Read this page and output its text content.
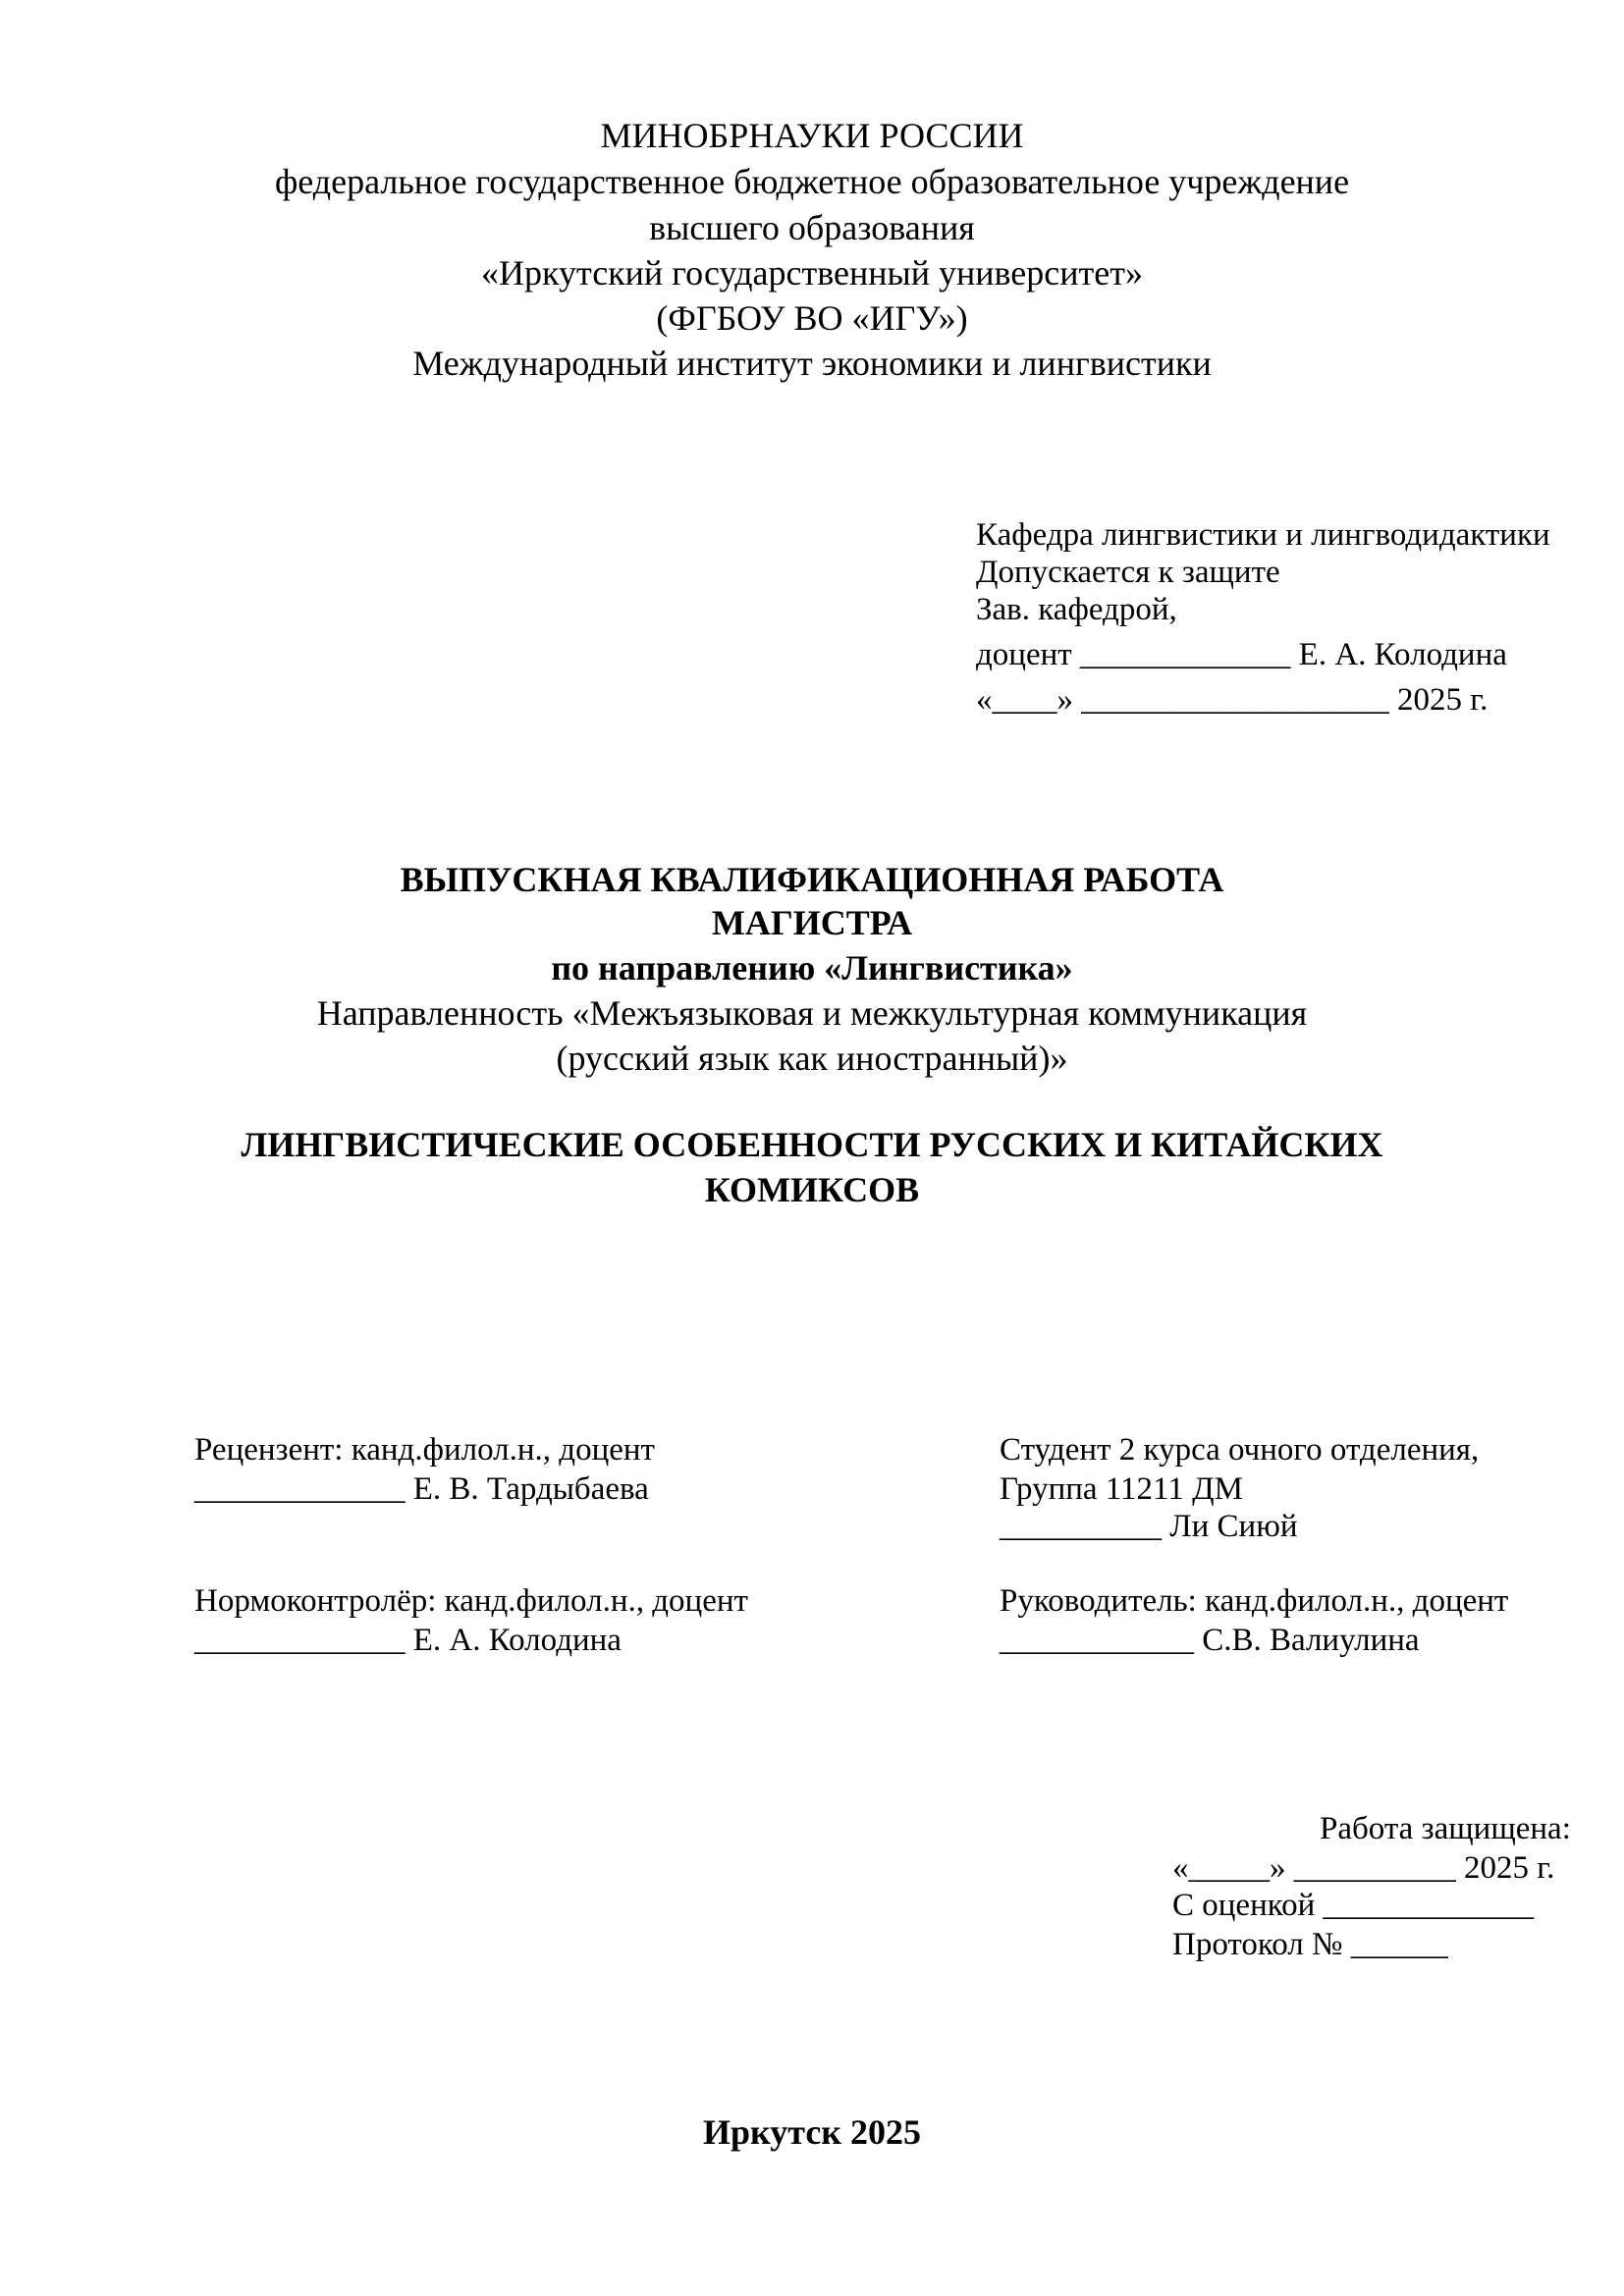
МИНОБРНАУКИ РОССИИ
федеральное государственное бюджетное образовательное учреждение
высшего образования
«Иркутский государственный университет»
(ФГБОУ ВО «ИГУ»)
Международный институт экономики и лингвистики
Кафедра лингвистики и лингводидактики
Допускается к защите
Зав. кафедрой,
доцент _____________ Е. А. Колодина
«____» ___________________ 2025 г.
ВЫПУСКНАЯ КВАЛИФИКАЦИОННАЯ РАБОТА
МАГИСТРА
по направлению «Лингвистика»
Направленность «Межъязыковая и межкультурная коммуникация
(русский язык как иностранный)»
ЛИНГВИСТИЧЕСКИЕ ОСОБЕННОСТИ РУССКИХ И КИТАЙСКИХ
КОМИКСОВ
Рецензент: канд.филол.н., доцент
_____________ Е. В. Тардыбаева
Нормоконтролёр: канд.филол.н., доцент
_____________ Е. А. Колодина
Студент 2 курса очного отделения,
Группа 11211 ДМ
__________ Ли Сиюй
Руководитель: канд.филол.н., доцент
____________ С.В. Валиулина
Работа защищена:
«_____» __________ 2025 г.
С оценкой _____________
Протокол № ______
Иркутск 2025
